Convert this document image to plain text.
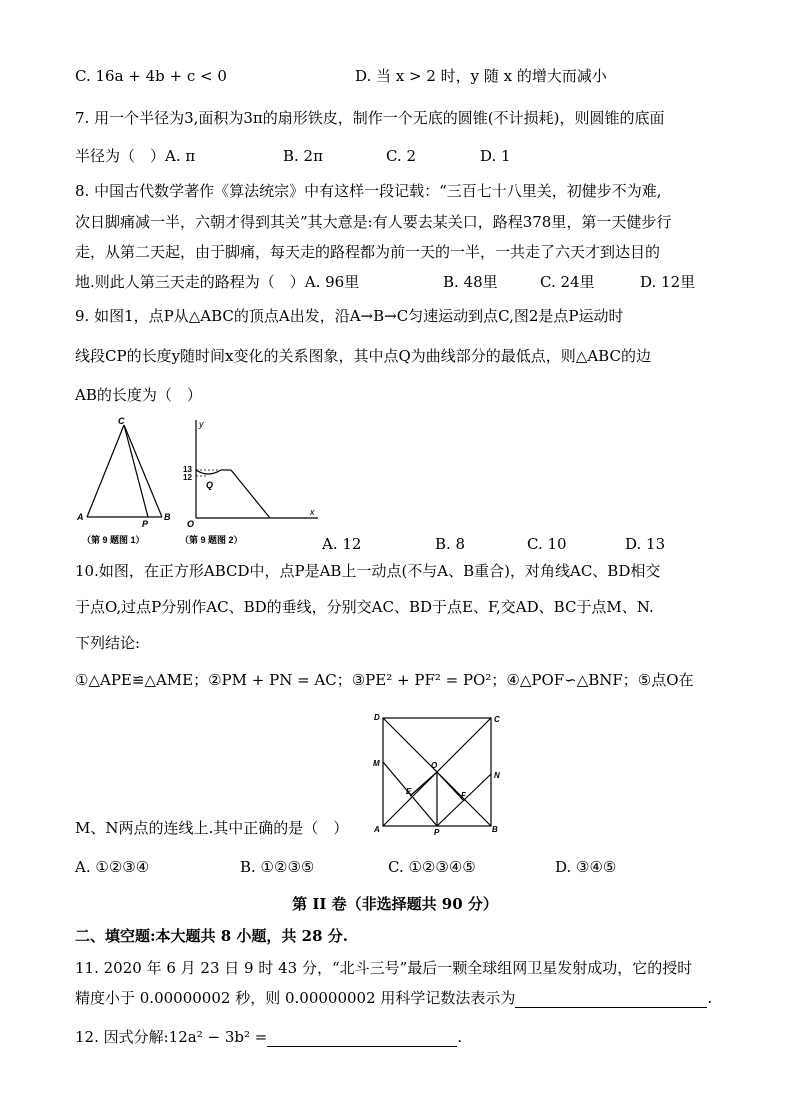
C. 16a + 4b + c < 0	D. 当 x > 2 时，y 随 x 的增大而减小
7. 用一个半径为3,面积为3π的扇形铁皮，制作一个无底的圆锥(不计损耗)，则圆锥的底面
半径为（　）A. π	B. 2π	C. 2	D. 1
8. 中国古代数学著作《算法统宗》中有这样一段记载：“三百七十八里关，初健步不为难,
次日脚痛减一半，六朝才得到其关”其大意是:有人要去某关口，路程378里，第一天健步行
走，从第二天起，由于脚痛，每天走的路程都为前一天的一半，一共走了六天才到达目的
地.则此人第三天走的路程为（　）A. 96里	B. 48里	C. 24里	D. 12里
9. 如图1，点P从△ABC的顶点A出发，沿A→B→C匀速运动到点C,图2是点P运动时
线段CP的长度y随时间x变化的关系图象，其中点Q为曲线部分的最低点，则△ABC的边
AB的长度为（　）
C
A
P
B
（第 9 题图 1）
y
x
13
12
Q
O
（第 9 题图 2）	A. 12	B. 8	C. 10	D. 13
10.如图，在正方形ABCD中，点P是AB上一动点(不与A、B重合)，对角线AC、BD相交
于点O,过点P分别作AC、BD的垂线，分别交AC、BD于点E、F,交AD、BC于点M、N.
下列结论:
①△APE≌△AME；②PM + PN = AC；③PE² + PF² = PO²；④△POF∽△BNF；⑤点O在
D	C
M	O
N
E	F
A	P	B
M、N两点的连线上.其中正确的是（　）
A. ①②③④	B. ①②③⑤	C. ①②③④⑤	D. ③④⑤
第 II 卷（非选择题共 90 分）
二、填空题:本大题共 8 小题，共 28 分.
11. 2020 年 6 月 23 日 9 时 43 分，“北斗三号”最后一颗全球组网卫星发射成功，它的授时
精度小于 0.00000002 秒，则 0.00000002 用科学记数法表示为	.
12. 因式分解:12a² − 3b² =	.
